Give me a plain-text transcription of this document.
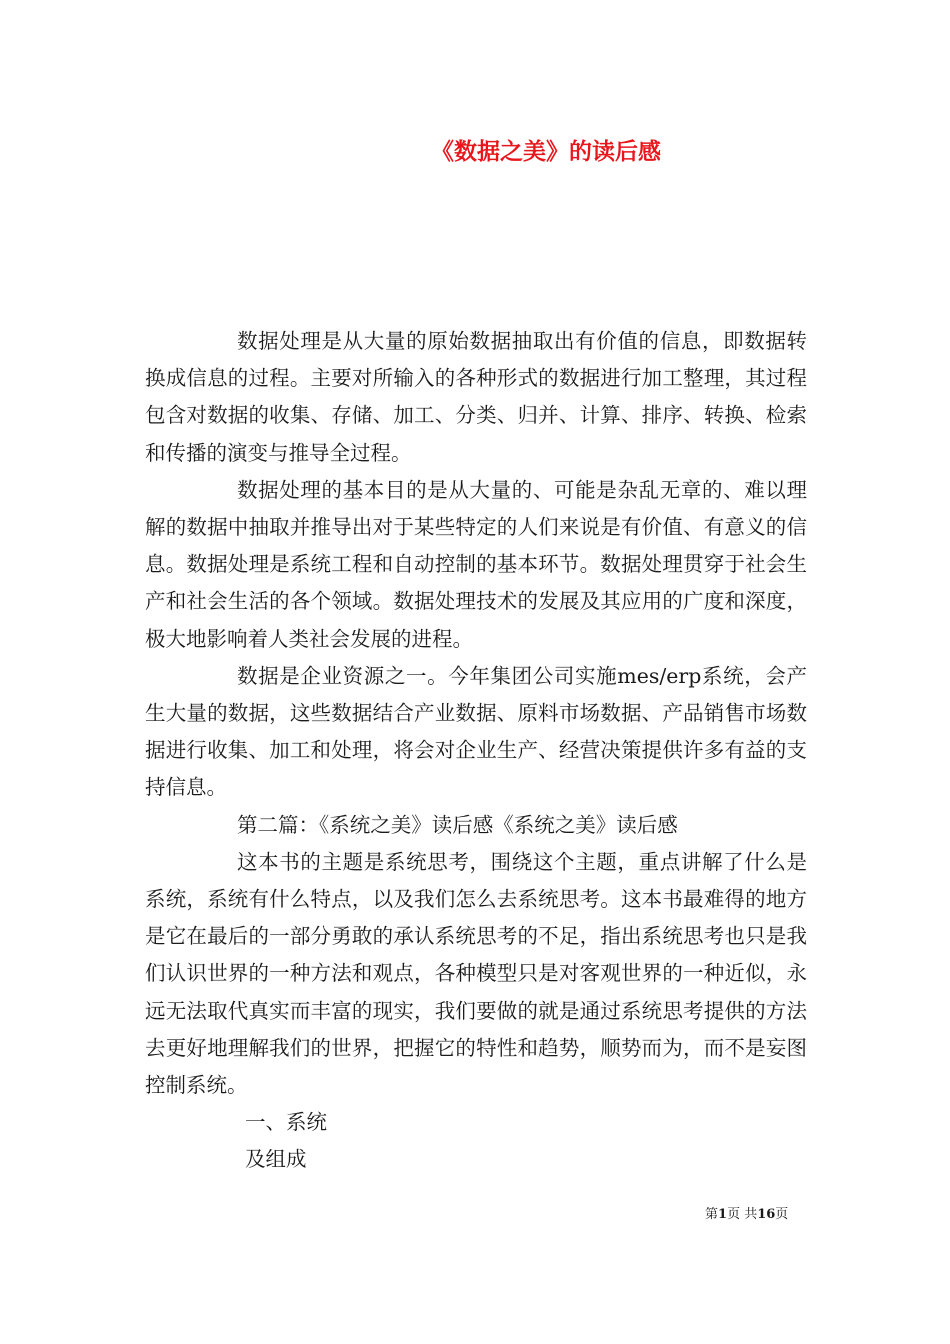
《数据之美》的读后感

数据处理是从大量的原始数据抽取出有价值的信息，即数据转换成信息的过程。主要对所输入的各种形式的数据进行加工整理，其过程包含对数据的收集、存储、加工、分类、归并、计算、排序、转换、检索和传播的演变与推导全过程。

数据处理的基本目的是从大量的、可能是杂乱无章的、难以理解的数据中抽取并推导出对于某些特定的人们来说是有价值、有意义的信息。数据处理是系统工程和自动控制的基本环节。数据处理贯穿于社会生产和社会生活的各个领域。数据处理技术的发展及其应用的广度和深度，极大地影响着人类社会发展的进程。

数据是企业资源之一。今年集团公司实施mes/erp系统，会产生大量的数据，这些数据结合产业数据、原料市场数据、产品销售市场数据进行收集、加工和处理，将会对企业生产、经营决策提供许多有益的支持信息。

第二篇：《系统之美》读后感《系统之美》读后感

这本书的主题是系统思考，围绕这个主题，重点讲解了什么是系统，系统有什么特点，以及我们怎么去系统思考。这本书最难得的地方是它在最后的一部分勇敢的承认系统思考的不足，指出系统思考也只是我们认识世界的一种方法和观点，各种模型只是对客观世界的一种近似，永远无法取代真实而丰富的现实，我们要做的就是通过系统思考提供的方法去更好地理解我们的世界，把握它的特性和趋势，顺势而为，而不是妄图控制系统。

一、系统

及组成

第1页 共16页
